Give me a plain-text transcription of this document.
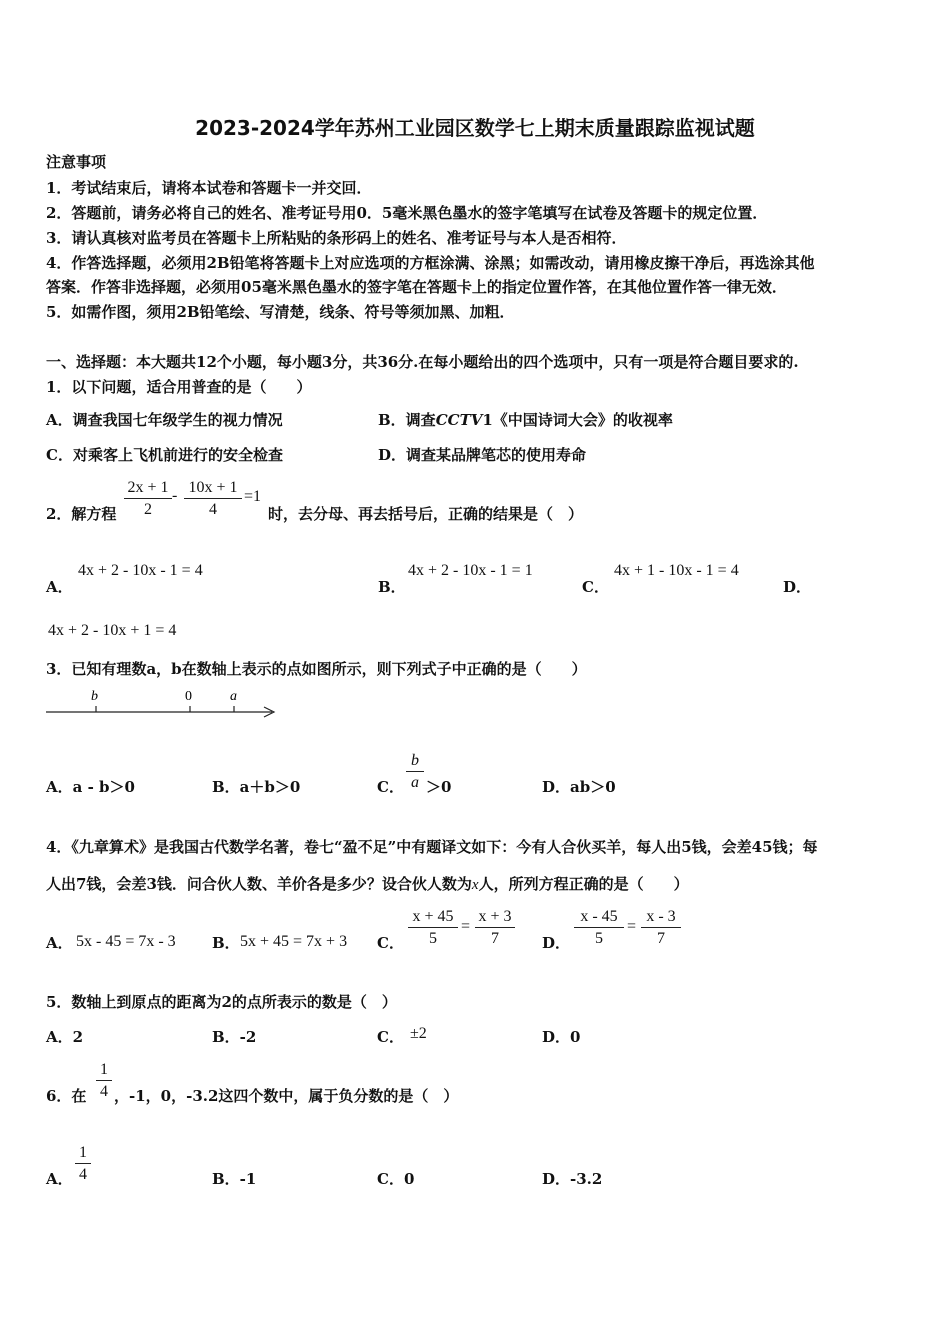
2023-2024学年苏州工业园区数学七上期末质量跟踪监视试题
注意事项
1．考试结束后，请将本试卷和答题卡一并交回．
2．答题前，请务必将自己的姓名、准考证号用0．5毫米黑色墨水的签字笔填写在试卷及答题卡的规定位置．
3．请认真核对监考员在答题卡上所粘贴的条形码上的姓名、准考证号与本人是否相符．
4．作答选择题，必须用2B铅笔将答题卡上对应选项的方框涂满、涂黑；如需改动，请用橡皮擦干净后，再选涂其他
答案．作答非选择题，必须用05毫米黑色墨水的签字笔在答题卡上的指定位置作答，在其他位置作答一律无效．
5．如需作图，须用2B铅笔绘、写清楚，线条、符号等须加黑、加粗．
一、选择题：本大题共12个小题，每小题3分，共36分.在每小题给出的四个选项中，只有一项是符合题目要求的.
1．以下问题，适合用普查的是（　　）
A．调查我国七年级学生的视力情况	B．调查CCTV1《中国诗词大会》的收视率
C．对乘客上飞机前进行的安全检查	D．调查某品牌笔芯的使用寿命
2．解方程 $\frac{2x + 1}{2} - \frac{10x + 1}{4} =1$
时，去分母、再去括号后，正确的结果是（　）
A．
4x + 2 - 10x - 1 = 4
B．
4x + 2 - 10x - 1 = 1
C．
4x + 1 - 10x - 1 = 4
D．
4x + 2 - 10x + 1 = 4
3．已知有理数a，b在数轴上表示的点如图所示，则下列式子中正确的是（　　）
b	0	a
A．a - b＞0	B．a＋b＞0	C． $\frac{b}{a} >0$	D．ab＞0
4．《九章算术》是我国古代数学名著，卷七“盈不足”中有题译文如下：今有人合伙买羊，每人出5钱，会差45钱；每
人出7钱，会差3钱．问合伙人数、羊价各是多少？设合伙人数为x人，所列方程正确的是（　　）
A． 5x - 45 = 7x - 3 B． 5x + 45 = 7x + 3 C． $\frac{x + 45}{5} = \frac{x + 3}{7}$ D． $\frac{x - 45}{5} = \frac{x - 3}{7}$
5．数轴上到原点的距离为2的点所表示的数是（　）
A．2	B．-2	C． ±2	D．0
6．在 $\frac{1}{4}$ ，-1，0，-3.2这四个数中，属于负分数的是（　）
A． $\frac{1}{4}$	B．-1	C．0	D．-3.2
